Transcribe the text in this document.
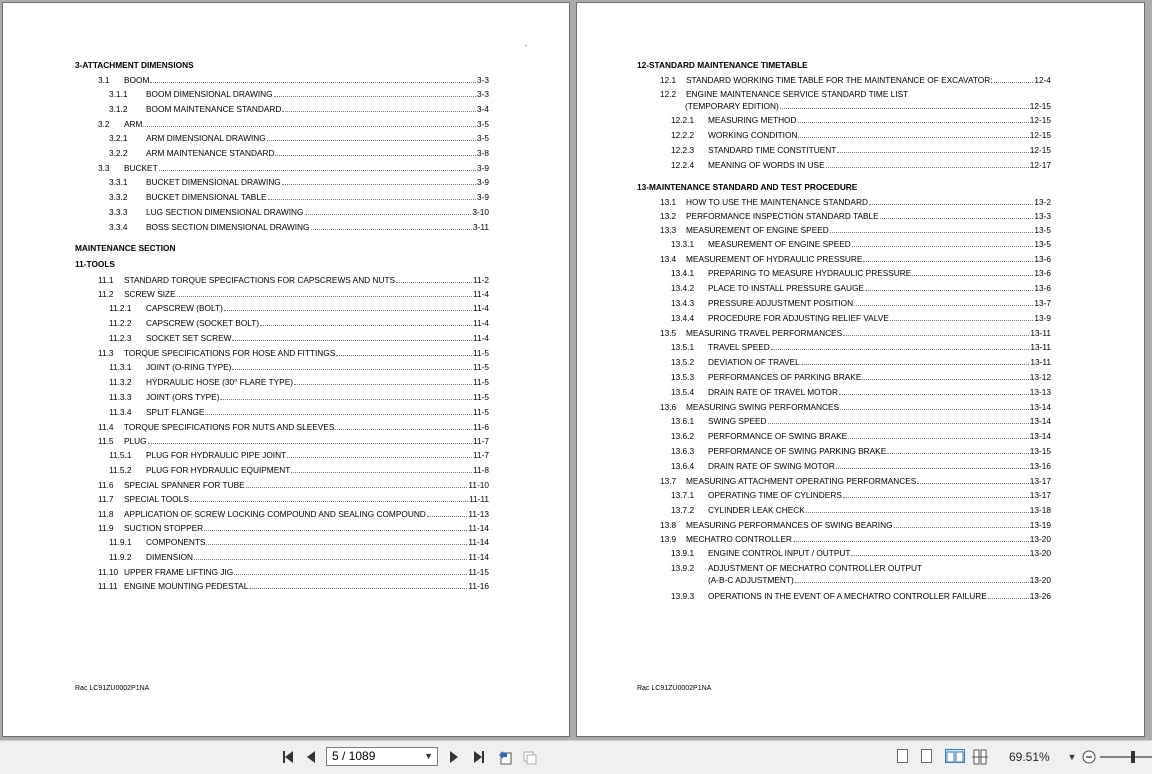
-
3-ATTACHMENT DIMENSIONS
3.1	BOOM	3-3
3.1.1	BOOM DIMENSIONAL DRAWING	3-3
3.1.2	BOOM MAINTENANCE STANDARD	3-4
3.2	ARM	3-5
3.2.1	ARM DIMENSIONAL DRAWING	3-5
3.2.2	ARM MAINTENANCE STANDARD	3-8
3.3	BUCKET	3-9
3.3.1	BUCKET DIMENSIONAL DRAWING	3-9
3.3.2	BUCKET DIMENSIONAL TABLE	3-9
3.3.3	LUG SECTION DIMENSIONAL DRAWING	3-10
3.3.4	BOSS SECTION DIMENSIONAL DRAWING	3-11
MAINTENANCE SECTION
11-TOOLS
11.1	STANDARD TORQUE SPECIFACTIONS FOR CAPSCREWS AND NUTS	11-2
11.2	SCREW SIZE	11-4
11.2.1	CAPSCREW (BOLT)	11-4
11.2.2	CAPSCREW (SOCKET BOLT)	11-4
11.2.3	SOCKET SET SCREW	11-4
11.3	TORQUE SPECIFICATIONS FOR HOSE AND FITTINGS	11-5
11.3.1	JOINT (O-RING TYPE)	11-5
11.3.2	HYDRAULIC HOSE (30° FLARE TYPE)	11-5
11.3.3	JOINT (ORS TYPE)	11-5
11.3.4	SPLIT FLANGE	11-5
11.4	TORQUE SPECIFICATIONS FOR NUTS AND SLEEVES	11-6
11.5	PLUG	11-7
11.5.1	PLUG FOR HYDRAULIC PIPE JOINT	11-7
11.5.2	PLUG FOR HYDRAULIC EQUIPMENT	11-8
11.6	SPECIAL SPANNER FOR TUBE	11-10
11.7	SPECIAL TOOLS	11-11
11.8	APPLICATION OF SCREW LOCKING COMPOUND AND SEALING COMPOUND	11-13
11.9	SUCTION STOPPER	11-14
11.9.1	COMPONENTS	11-14
11.9.2	DIMENSION	11-14
11.10 UPPER FRAME LIFTING JIG	11-15
11.11 ENGINE MOUNTING PEDESTAL	11-16
Rac LC91ZU0002P1NA
12-STANDARD MAINTENANCE TIMETABLE
12.1	STANDARD WORKING TIME TABLE FOR THE MAINTENANCE OF EXCAVATOR:	12-4
12.2	ENGINE MAINTENANCE SERVICE STANDARD TIME LIST
(TEMPORARY EDITION)	12-15
12.2.1	MEASURING METHOD	12-15
12.2.2	WORKING CONDITION	12-15
12.2.3	STANDARD TIME CONSTITUENT	12-15
12.2.4	MEANING OF WORDS IN USE	12-17
13-MAINTENANCE STANDARD AND TEST PROCEDURE
13.1	HOW TO USE THE MAINTENANCE STANDARD	13-2
13.2	PERFORMANCE INSPECTION STANDARD TABLE	13-3
13.3	MEASUREMENT OF ENGINE SPEED	13-5
13.3.1	MEASUREMENT OF ENGINE SPEED	13-5
13.4	MEASUREMENT OF HYDRAULIC PRESSURE	13-6
13.4.1	PREPARING TO MEASURE HYDRAULIC PRESSURE	13-6
13.4.2	PLACE TO INSTALL PRESSURE GAUGE	13-6
13.4.3	PRESSURE ADJUSTMENT POSITION	13-7
13.4.4	PROCEDURE FOR ADJUSTING RELIEF VALVE	13-9
13.5	MEASURING TRAVEL PERFORMANCES	13-11
13.5.1	TRAVEL SPEED	13-11
13.5.2	DEVIATION OF TRAVEL	13-11
13.5.3	PERFORMANCES OF PARKING BRAKE	13-12
13.5.4	DRAIN RATE OF TRAVEL MOTOR	13-13
13.6	MEASURING SWING PERFORMANCES	13-14
13.6.1	SWING SPEED	13-14
13.6.2	PERFORMANCE OF SWING BRAKE	13-14
13.6.3	PERFORMANCE OF SWING PARKING BRAKE	13-15
13.6.4	DRAIN RATE OF SWING MOTOR	13-16
13.7	MEASURING ATTACHMENT OPERATING PERFORMANCES	13-17
13.7.1	OPERATING TIME OF CYLINDERS	13-17
13.7.2	CYLINDER LEAK CHECK	13-18
13.8	MEASURING PERFORMANCES OF SWING BEARING	13-19
13.9	MECHATRO CONTROLLER	13-20
13.9.1	ENGINE CONTROL INPUT / OUTPUT	13-20
13.9.2	ADJUSTMENT OF MECHATRO CONTROLLER OUTPUT
(A-B-C ADJUSTMENT)	13-20
13.9.3	OPERATIONS IN THE EVENT OF A MECHATRO CONTROLLER FAILURE	13-26
Rac LC91ZU0002P1NA
5 / 1089	▼	69.51% ▼
